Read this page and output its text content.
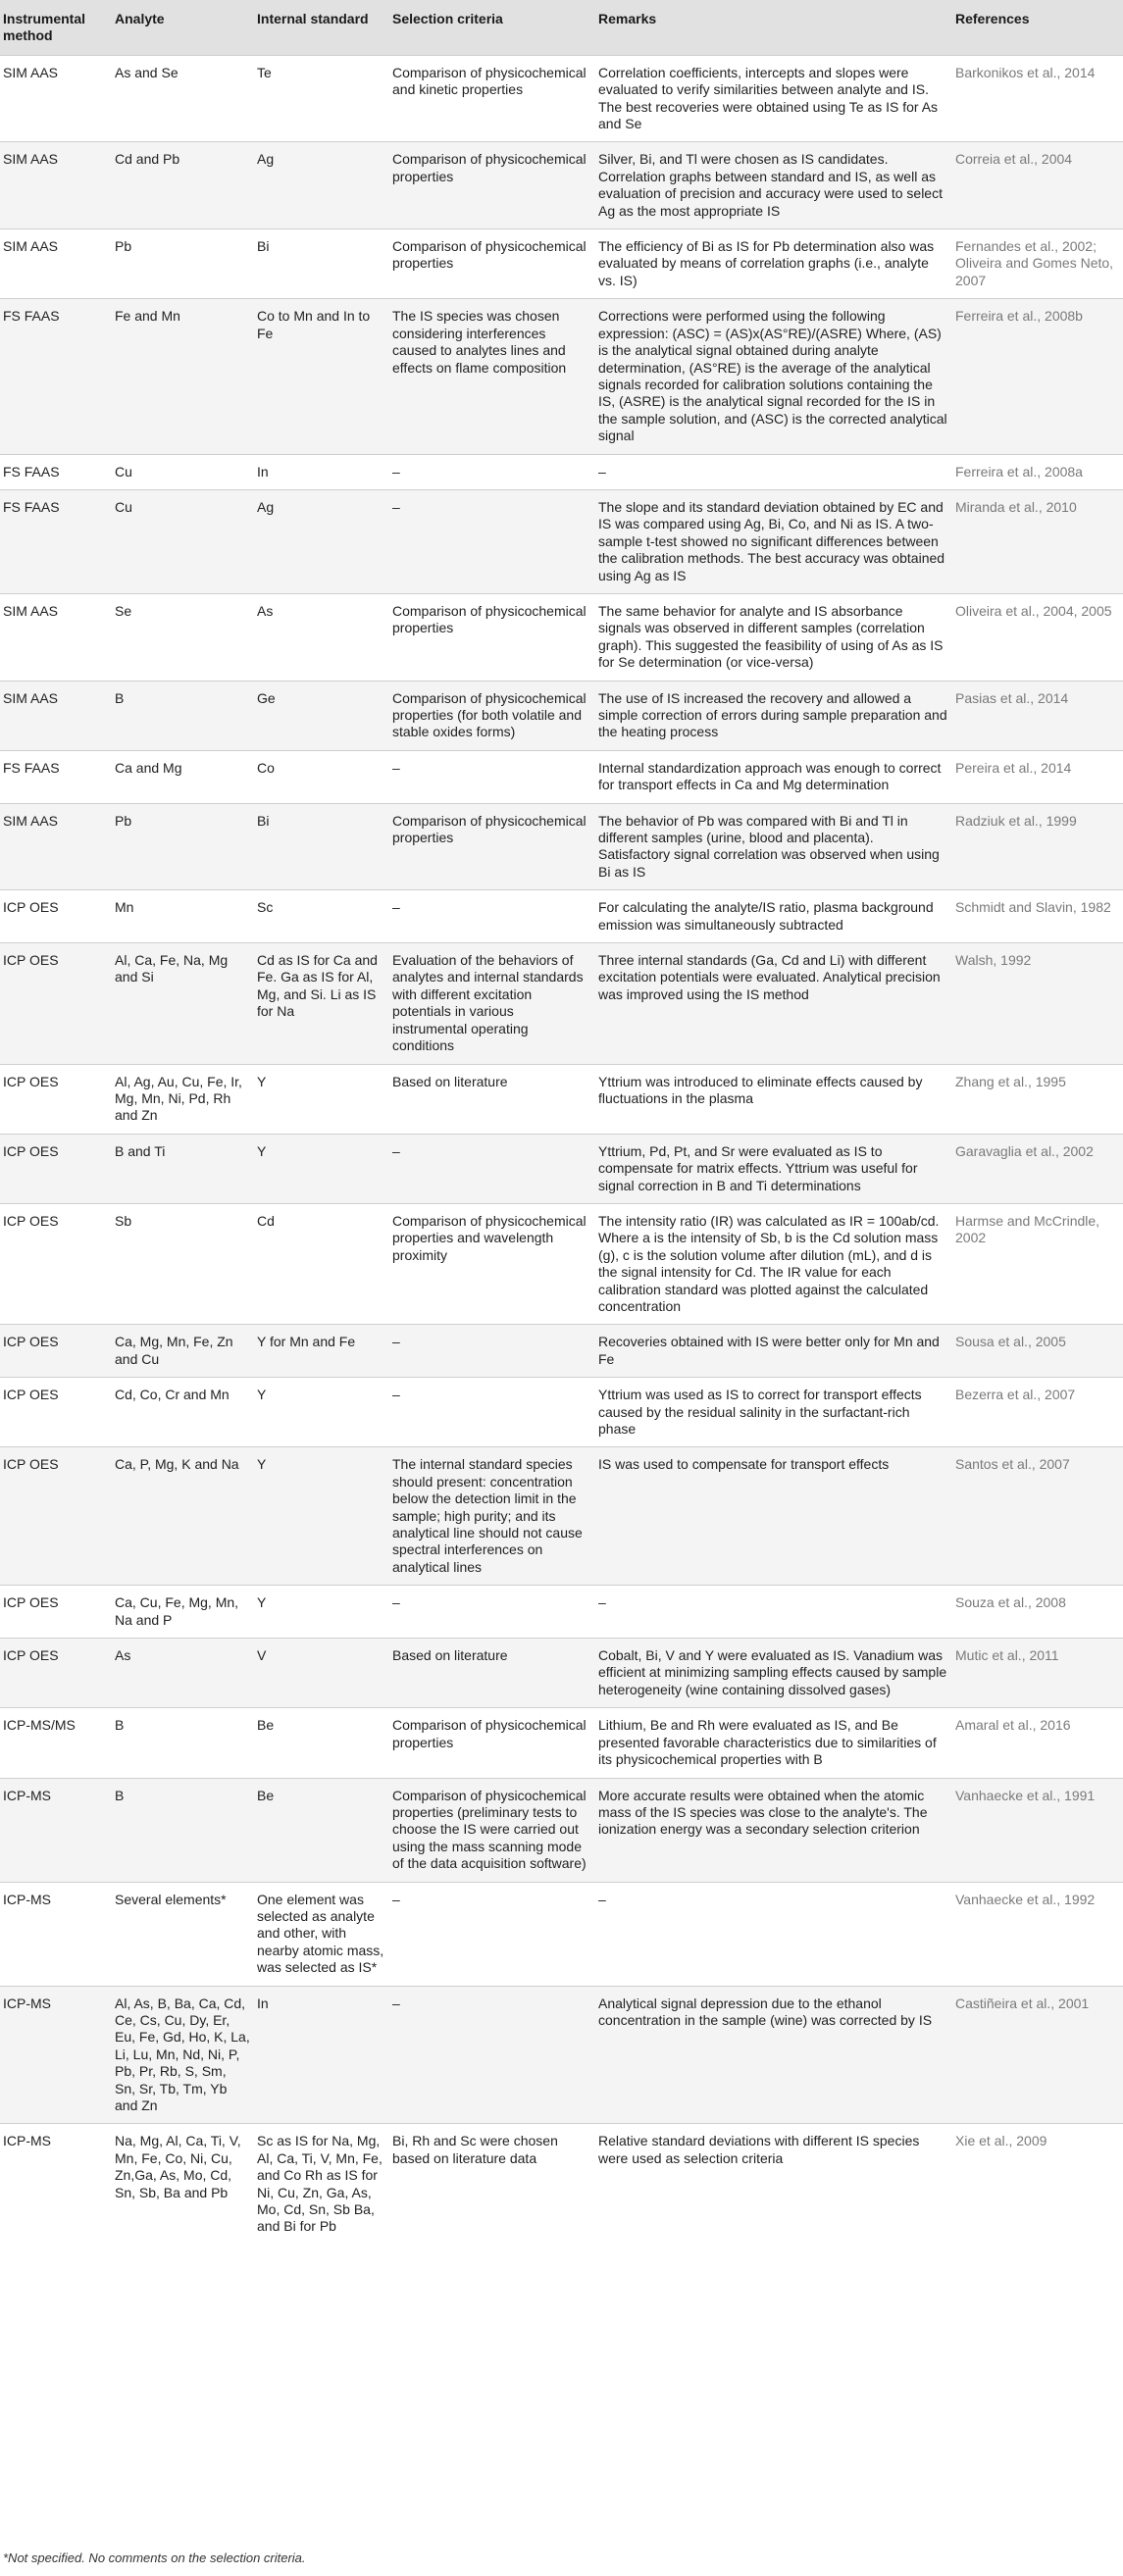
Instrumental method	Analyte	Internal standard	Selection criteria	Remarks	References
SIM AAS	As and Se	Te	Comparison of physicochemical and kinetic properties	Correlation coefficients, intercepts and slopes were evaluated to verify similarities between analyte and IS. The best recoveries were obtained using Te as IS for As and Se	Barkonikos et al., 2014
SIM AAS	Cd and Pb	Ag	Comparison of physicochemical properties	Silver, Bi, and Tl were chosen as IS candidates. Correlation graphs between standard and IS, as well as evaluation of precision and accuracy were used to select Ag as the most appropriate IS	Correia et al., 2004
SIM AAS	Pb	Bi	Comparison of physicochemical properties	The efficiency of Bi as IS for Pb determination also was evaluated by means of correlation graphs (i.e., analyte vs. IS)	Fernandes et al., 2002; Oliveira and Gomes Neto, 2007
FS FAAS	Fe and Mn	Co to Mn and In to Fe	The IS species was chosen considering interferences caused to analytes lines and effects on flame composition	Corrections were performed using the following expression: (ASC) = (AS)x(AS°RE)/(ASRE) Where, (AS) is the analytical signal obtained during analyte determination, (AS°RE) is the average of the analytical signals recorded for calibration solutions containing the IS, (ASRE) is the analytical signal recorded for the IS in the sample solution, and (ASC) is the corrected analytical signal	Ferreira et al., 2008b
FS FAAS	Cu	In	–	–	Ferreira et al., 2008a
FS FAAS	Cu	Ag	–	The slope and its standard deviation obtained by EC and IS was compared using Ag, Bi, Co, and Ni as IS. A two-sample t-test showed no significant differences between the calibration methods. The best accuracy was obtained using Ag as IS	Miranda et al., 2010
SIM AAS	Se	As	Comparison of physicochemical properties	The same behavior for analyte and IS absorbance signals was observed in different samples (correlation graph). This suggested the feasibility of using of As as IS for Se determination (or vice-versa)	Oliveira et al., 2004, 2005
SIM AAS	B	Ge	Comparison of physicochemical properties (for both volatile and stable oxides forms)	The use of IS increased the recovery and allowed a simple correction of errors during sample preparation and the heating process	Pasias et al., 2014
FS FAAS	Ca and Mg	Co	–	Internal standardization approach was enough to correct for transport effects in Ca and Mg determination	Pereira et al., 2014
SIM AAS	Pb	Bi	Comparison of physicochemical properties	The behavior of Pb was compared with Bi and Tl in different samples (urine, blood and placenta). Satisfactory signal correlation was observed when using Bi as IS	Radziuk et al., 1999
ICP OES	Mn	Sc	–	For calculating the analyte/IS ratio, plasma background emission was simultaneously subtracted	Schmidt and Slavin, 1982
ICP OES	Al, Ca, Fe, Na, Mg and Si	Cd as IS for Ca and Fe. Ga as IS for Al, Mg, and Si. Li as IS for Na	Evaluation of the behaviors of analytes and internal standards with different excitation potentials in various instrumental operating conditions	Three internal standards (Ga, Cd and Li) with different excitation potentials were evaluated. Analytical precision was improved using the IS method	Walsh, 1992
ICP OES	Al, Ag, Au, Cu, Fe, Ir, Mg, Mn, Ni, Pd, Rh and Zn	Y	Based on literature	Yttrium was introduced to eliminate effects caused by fluctuations in the plasma	Zhang et al., 1995
ICP OES	B and Ti	Y	–	Yttrium, Pd, Pt, and Sr were evaluated as IS to compensate for matrix effects. Yttrium was useful for signal correction in B and Ti determinations	Garavaglia et al., 2002
ICP OES	Sb	Cd	Comparison of physicochemical properties and wavelength proximity	The intensity ratio (IR) was calculated as IR = 100ab/cd. Where a is the intensity of Sb, b is the Cd solution mass (g), c is the solution volume after dilution (mL), and d is the signal intensity for Cd. The IR value for each calibration standard was plotted against the calculated concentration	Harmse and McCrindle, 2002
ICP OES	Ca, Mg, Mn, Fe, Zn and Cu	Y for Mn and Fe	–	Recoveries obtained with IS were better only for Mn and Fe	Sousa et al., 2005
ICP OES	Cd, Co, Cr and Mn	Y	–	Yttrium was used as IS to correct for transport effects caused by the residual salinity in the surfactant-rich phase	Bezerra et al., 2007
ICP OES	Ca, P, Mg, K and Na	Y	The internal standard species should present: concentration below the detection limit in the sample; high purity; and its analytical line should not cause spectral interferences on analytical lines	IS was used to compensate for transport effects	Santos et al., 2007
ICP OES	Ca, Cu, Fe, Mg, Mn, Na and P	Y	–	–	Souza et al., 2008
ICP OES	As	V	Based on literature	Cobalt, Bi, V and Y were evaluated as IS. Vanadium was efficient at minimizing sampling effects caused by sample heterogeneity (wine containing dissolved gases)	Mutic et al., 2011
ICP-MS/MS	B	Be	Comparison of physicochemical properties	Lithium, Be and Rh were evaluated as IS, and Be presented favorable characteristics due to similarities of its physicochemical properties with B	Amaral et al., 2016
ICP-MS	B	Be	Comparison of physicochemical properties (preliminary tests to choose the IS were carried out using the mass scanning mode of the data acquisition software)	More accurate results were obtained when the atomic mass of the IS species was close to the analyte's. The ionization energy was a secondary selection criterion	Vanhaecke et al., 1991
ICP-MS	Several elements*	One element was selected as analyte and other, with nearby atomic mass, was selected as IS*	–	–	Vanhaecke et al., 1992
ICP-MS	Al, As, B, Ba, Ca, Cd, Ce, Cs, Cu, Dy, Er, Eu, Fe, Gd, Ho, K, La, Li, Lu, Mn, Nd, Ni, P, Pb, Pr, Rb, S, Sm, Sn, Sr, Tb, Tm, Yb and Zn	In	–	Analytical signal depression due to the ethanol concentration in the sample (wine) was corrected by IS	Castiñeira et al., 2001
ICP-MS	Na, Mg, Al, Ca, Ti, V, Mn, Fe, Co, Ni, Cu, Zn,Ga, As, Mo, Cd, Sn, Sb, Ba and Pb	Sc as IS for Na, Mg, Al, Ca, Ti, V, Mn, Fe, and Co Rh as IS for Ni, Cu, Zn, Ga, As, Mo, Cd, Sn, Sb Ba, and Bi for Pb	Bi, Rh and Sc were chosen based on literature data	Relative standard deviations with different IS species were used as selection criteria	Xie et al., 2009
*Not specified. No comments on the selection criteria.
